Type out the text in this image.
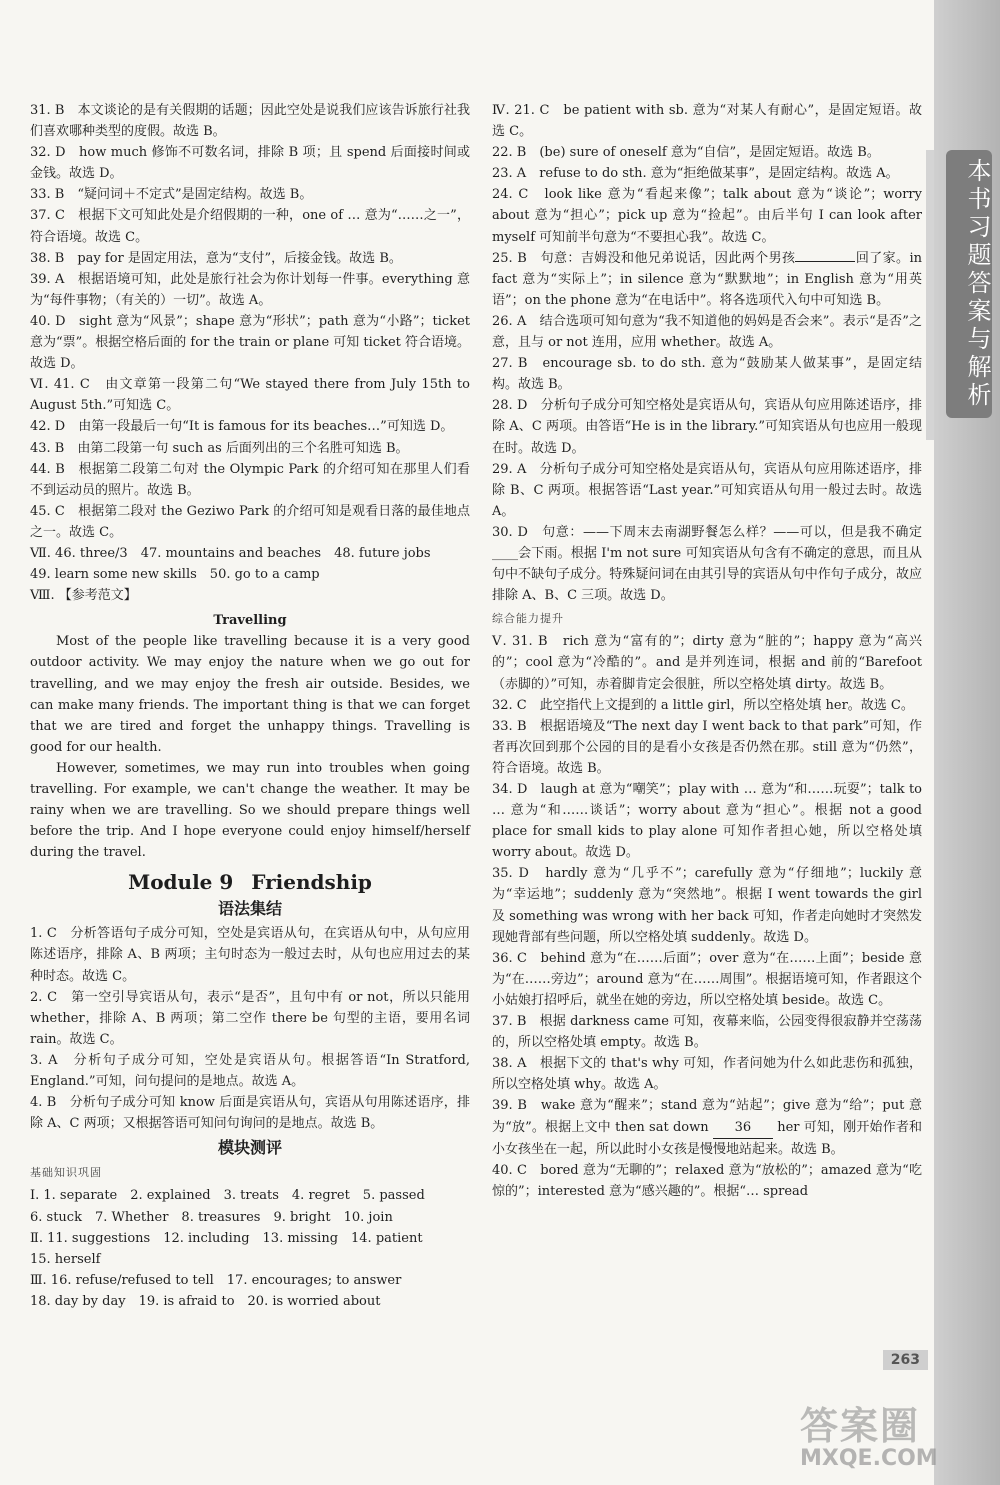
本书习题答案与解析

31. B　本文谈论的是有关假期的话题；因此空处是说我们应该告诉旅行社我们喜欢哪种类型的度假。故选 B。

32. D　how much 修饰不可数名词，排除 B 项；且 spend 后面接时间或金钱。故选 D。

33. B　“疑问词＋不定式”是固定结构。故选 B。

37. C　根据下文可知此处是介绍假期的一种，one of … 意为“……之一”，符合语境。故选 C。

38. B　pay for 是固定用法，意为“支付”，后接金钱。故选 B。

39. A　根据语境可知，此处是旅行社会为你计划每一件事。everything 意为“每件事物；（有关的）一切”。故选 A。

40. D　sight 意为“风景”；shape 意为“形状”；path 意为“小路”；ticket 意为“票”。根据空格后面的 for the train or plane 可知 ticket 符合语境。故选 D。

Ⅵ. 41. C　由文章第一段第二句“We stayed there from July 15th to August 5th.”可知选 C。

42. D　由第一段最后一句“It is famous for its beaches…”可知选 D。

43. B　由第二段第一句 such as 后面列出的三个名胜可知选 B。

44. B　根据第二段第二句对 the Olympic Park 的介绍可知在那里人们看不到运动员的照片。故选 B。

45. C　根据第二段对 the Geziwo Park 的介绍可知是观看日落的最佳地点之一。故选 C。

Ⅶ. 46. three/3　47. mountains and beaches　48. future jobs

49. learn some new skills　50. go to a camp

Ⅷ. 【参考范文】

Travelling

Most of the people like travelling because it is a very good outdoor activity. We may enjoy the nature when we go out for travelling, and we may enjoy the fresh air outside. Besides, we can make many friends. The important thing is that we can forget that we are tired and forget the unhappy things. Travelling is good for our health.

However, sometimes, we may run into troubles when going travelling. For example, we can't change the weather. It may be rainy when we are travelling. So we should prepare things well before the trip. And I hope everyone could enjoy himself/herself during the travel.

Module 9 Friendship

语法集结

1. C　分析答语句子成分可知，空处是宾语从句，在宾语从句中，从句应用陈述语序，排除 A、B 两项；主句时态为一般过去时，从句也应用过去的某种时态。故选 C。

2. C　第一空引导宾语从句，表示“是否”，且句中有 or not，所以只能用 whether，排除 A、B 两项；第二空作 there be 句型的主语，要用名词 rain。故选 C。

3. A　分析句子成分可知，空处是宾语从句。根据答语“In Stratford, England.”可知，问句提问的是地点。故选 A。

4. B　分析句子成分可知 know 后面是宾语从句，宾语从句用陈述语序，排除 A、C 两项；又根据答语可知问句询问的是地点。故选 B。

模块测评

基础知识巩固

Ⅰ. 1. separate　2. explained　3. treats　4. regret　5. passed

6. stuck　7. Whether　8. treasures　9. bright　10. join

Ⅱ. 11. suggestions　12. including　13. missing　14. patient

15. herself

Ⅲ. 16. refuse/refused to tell　17. encourages; to answer

18. day by day　19. is afraid to　20. is worried about

Ⅳ. 21. C　be patient with sb. 意为“对某人有耐心”，是固定短语。故选 C。

22. B　(be) sure of oneself 意为“自信”，是固定短语。故选 B。

23. A　refuse to do sth. 意为“拒绝做某事”，是固定结构。故选 A。

24. C　look like 意为“看起来像”；talk about 意为“谈论”；worry about 意为“担心”；pick up 意为“捡起”。由后半句 I can look after myself 可知前半句意为“不要担心我”。故选 C。

25. B　句意：吉姆没和他兄弟说话，因此两个男孩	回了家。in fact 意为“实际上”；in silence 意为“默默地”；in English 意为“用英语”；on the phone 意为“在电话中”。将各选项代入句中可知选 B。

26. A　结合选项可知句意为“我不知道他的妈妈是否会来”。表示“是否”之意，且与 or not 连用，应用 whether。故选 A。

27. B　encourage sb. to do sth. 意为“鼓励某人做某事”，是固定结构。故选 B。

28. D　分析句子成分可知空格处是宾语从句，宾语从句应用陈述语序，排除 A、C 两项。由答语“He is in the library.”可知宾语从句也应用一般现在时。故选 D。

29. A　分析句子成分可知空格处是宾语从句，宾语从句应用陈述语序，排除 B、C 两项。根据答语“Last year.”可知宾语从句用一般过去时。故选 A。

30. D　句意：——下周末去南湖野餐怎么样？——可以，但是我不确定____会下雨。根据 I'm not sure 可知宾语从句含有不确定的意思，而且从句中不缺句子成分。特殊疑问词在由其引导的宾语从句中作句子成分，故应排除 A、B、C 三项。故选 D。

综合能力提升

Ⅴ. 31. B　rich 意为“富有的”；dirty 意为“脏的”；happy 意为“高兴的”；cool 意为“冷酷的”。and 是并列连词，根据 and 前的“Barefoot（赤脚的）”可知，赤着脚肯定会很脏，所以空格处填 dirty。故选 B。

32. C　此空指代上文提到的 a little girl，所以空格处填 her。故选 C。

33. B　根据语境及“The next day I went back to that park”可知，作者再次回到那个公园的目的是看小女孩是否仍然在那。still 意为“仍然”，符合语境。故选 B。

34. D　laugh at 意为“嘲笑”；play with … 意为“和……玩耍”；talk to … 意为“和……谈话”；worry about 意为“担心”。根据 not a good place for small kids to play alone 可知作者担心她，所以空格处填 worry about。故选 D。

35. D　hardly 意为“几乎不”；carefully 意为“仔细地”；luckily 意为“幸运地”；suddenly 意为“突然地”。根据 I went towards the girl 及 something was wrong with her back 可知，作者走向她时才突然发现她背部有些问题，所以空格处填 suddenly。故选 D。

36. C　behind 意为“在……后面”；over 意为“在……上面”；beside 意为“在……旁边”；around 意为“在……周围”。根据语境可知，作者跟这个小姑娘打招呼后，就坐在她的旁边，所以空格处填 beside。故选 C。

37. B　根据 darkness came 可知，夜幕来临，公园变得很寂静并空荡荡的，所以空格处填 empty。故选 B。

38. A　根据下文的 that's why 可知，作者问她为什么如此悲伤和孤独，所以空格处填 why。故选 A。

39. B　wake 意为“醒来”；stand 意为“站起”；give 意为“给”；put 意为“放”。根据上文中 then sat down 36 her 可知，刚开始作者和小女孩坐在一起，所以此时小女孩是慢慢地站起来。故选 B。

40. C　bored 意为“无聊的”；relaxed 意为“放松的”；amazed 意为“吃惊的”；interested 意为“感兴趣的”。根据“… spread

263
答案圈
MXQE.COM
